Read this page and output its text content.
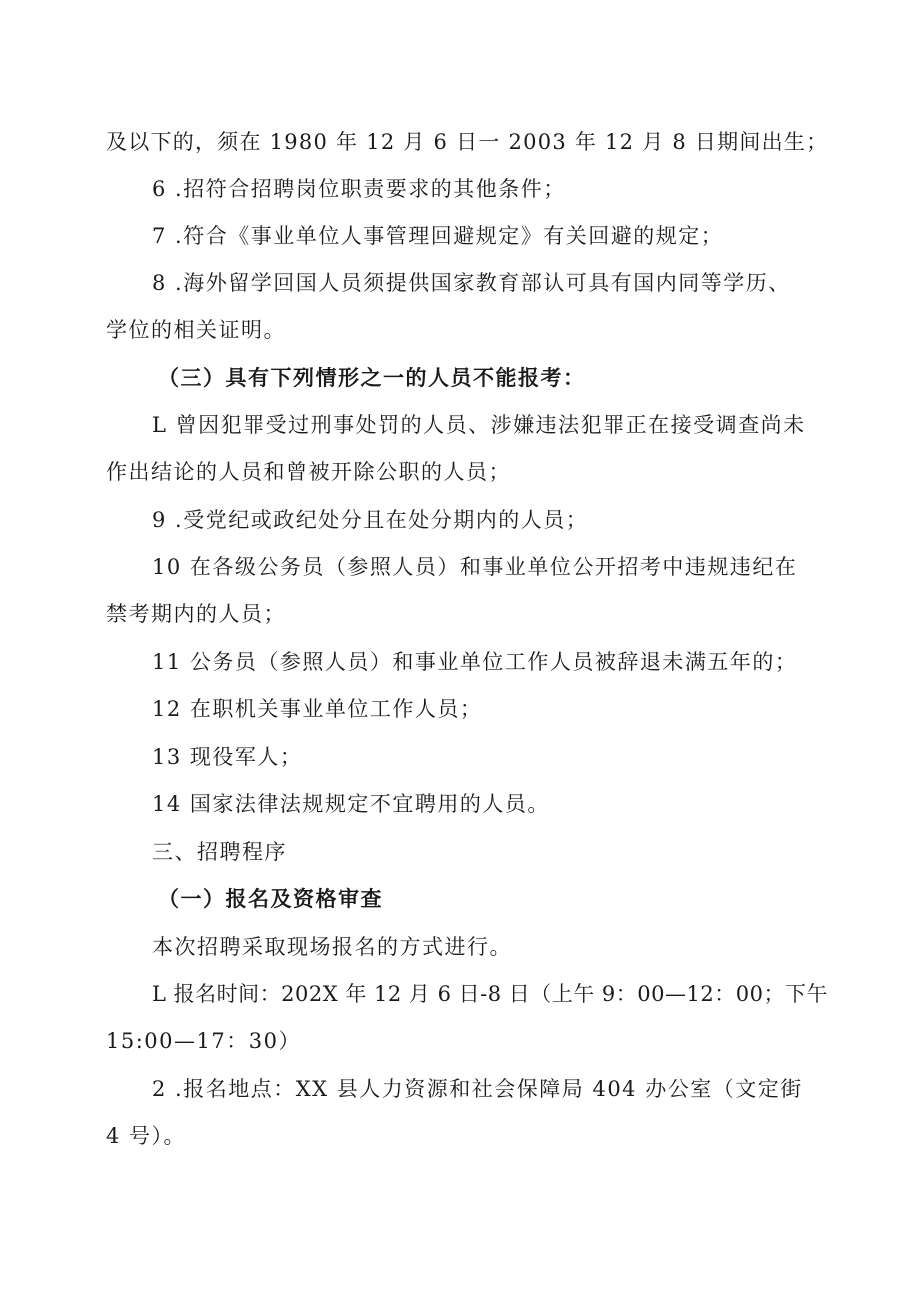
及以下的，须在 1980 年 12 月 6 日一 2003 年 12 月 8 日期间出生；
6 .招符合招聘岗位职责要求的其他条件；
7 .符合《事业单位人事管理回避规定》有关回避的规定；
8 .海外留学回国人员须提供国家教育部认可具有国内同等学历、
学位的相关证明。
（三）具有下列情形之一的人员不能报考：
L 曾因犯罪受过刑事处罚的人员、涉嫌违法犯罪正在接受调查尚未
作出结论的人员和曾被开除公职的人员；
9 .受党纪或政纪处分且在处分期内的人员；
10 在各级公务员（参照人员）和事业单位公开招考中违规违纪在
禁考期内的人员；
11 公务员（参照人员）和事业单位工作人员被辞退未满五年的；
12 在职机关事业单位工作人员；
13 现役军人；
14 国家法律法规规定不宜聘用的人员。
三、招聘程序
（一）报名及资格审查
本次招聘采取现场报名的方式进行。
L 报名时间：202X 年 12 月 6 日-8 日（上午 9：00—12：00；下午
15:00—17：30）
2 .报名地点：XX 县人力资源和社会保障局 404 办公室（文定街
4 号）。
